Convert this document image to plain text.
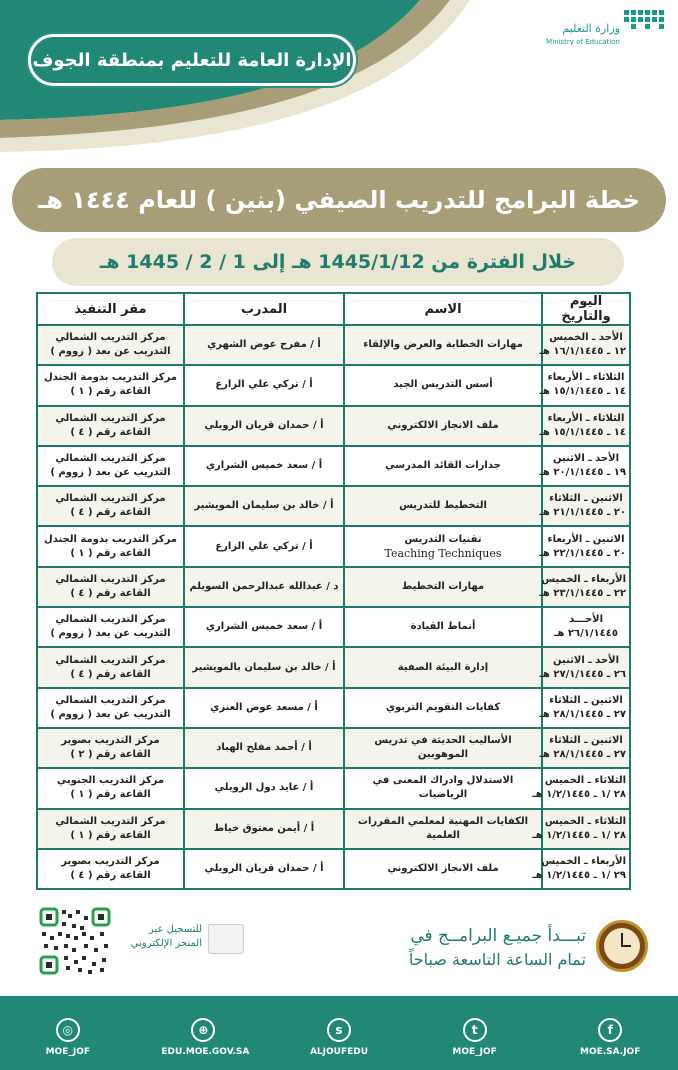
وزارة التعليم
Ministry of Education
الإدارة العامة للتعليم بمنطقة الجوف
خطة البرامج للتدريب الصيفي (بنين ) للعام ١٤٤٤ هـ
خلال الفترة من 1445/1/12 هـ إلى 1 / 2 / 1445 هـ
اليوم والتاريخ	الاسم	المدرب	مقر التنفيذ

الأحد ـ الخميس
١٢ ـ ١٦/١/١٤٤٥ هـ	مهارات الخطابة والعرض والإلقاء	أ / مفرح عوض الشهري	مركز التدريب الشمالي
التدريب عن بعد ( زووم )

الثلاثاء ـ الأربعاء
١٤ ـ ١٥/١/١٤٤٥ هـ	أسس التدريس الجيد	أ / تركي علي الزارع	مركز التدريب بدومة الجندل
القاعة رقم ( ١ )

الثلاثاء ـ الأربعاء
١٤ ـ ١٥/١/١٤٤٥ هـ	ملف الانجاز الالكتروني	أ / حمدان قريان الرويلي	مركز التدريب الشمالي
القاعة رقم ( ٤ )

الأحد ـ الاثنين
١٩ ـ ٢٠/١/١٤٤٥ هـ	جدارات القائد المدرسي	أ / سعد خميس الشراري	مركز التدريب الشمالي
التدريب عن بعد ( زووم )

الاثنين ـ الثلاثاء
٢٠ ـ ٢١/١/١٤٤٥ هـ	التخطيط للتدريس	أ / خالد بن سليمان المويشير	مركز التدريب الشمالي
القاعة رقم ( ٤ )

الاثنين ـ الأربعاء
٢٠ ـ ٢٢/١/١٤٤٥ هـ	تقنيات التدريس
Teaching Techniques	أ / تركي علي الزارع	مركز التدريب بدومة الجندل
القاعة رقم ( ١ )

الأربعاء ـ الخميس
٢٢ ـ ٢٣/١/١٤٤٥ هـ	مهارات التخطيط	د / عبدالله عبدالرحمن السويلم	مركز التدريب الشمالي
القاعة رقم ( ٤ )

الأحـــد
٢٦/١/١٤٤٥ هـ	أنماط القيادة	أ / سعد خميس الشراري	مركز التدريب الشمالي
التدريب عن بعد ( زووم )

الأحد ـ الاثنين
٢٦ ـ ٢٧/١/١٤٤٥ هـ	إدارة البيئة الصفية	أ / خالد بن سليمان بالمويشير	مركز التدريب الشمالي
القاعة رقم ( ٤ )

الاثنين ـ الثلاثاء
٢٧ ـ ٢٨/١/١٤٤٥ هـ	كفايات التقويم التربوي	أ / مسعد عوض العنزي	مركز التدريب الشمالي
التدريب عن بعد ( زووم )

الاثنين ـ الثلاثاء
٢٧ ـ ٢٨/١/١٤٤٥ هـ	الأساليب الحديثة في تدريس الموهوبين	أ / أحمد مفلح الهباد	مركز التدريب بصوير
القاعة رقم ( ٢ )

الثلاثاء ـ الخميس
٢٨ /١ ـ ١/٢/١٤٤٥ هـ	الاستدلال وادراك المعنى في الرياضيات	أ / عايد دول الرويلي	مركز التدريب الجنوبي
القاعة رقم ( ١ )

الثلاثاء ـ الخميس
٢٨ /١ ـ ١/٢/١٤٤٥ هـ	الكفايات المهنية لمعلمي المقررات العلمية	أ / أيمن معتوق خياط	مركز التدريب الشمالي
القاعة رقم ( ١ )

الأربعاء ـ الخميس
٢٩ /١ ـ ١/٢/١٤٤٥ هـ	ملف الانجاز الالكتروني	أ / حمدان قريان الرويلي	مركز التدريب بصوير
القاعة رقم ( ٤ )
تبـــدأ جميـع البرامــج في
تمام الساعة التاسعة صباحاً
للتسجيل عبر
المنجز الإلكتروني
f
MOE.SA.JOF
t
MOE_JOF
s
ALJOUFEDU
⊕
EDU.MOE.GOV.SA
◎
MOE_JOF
